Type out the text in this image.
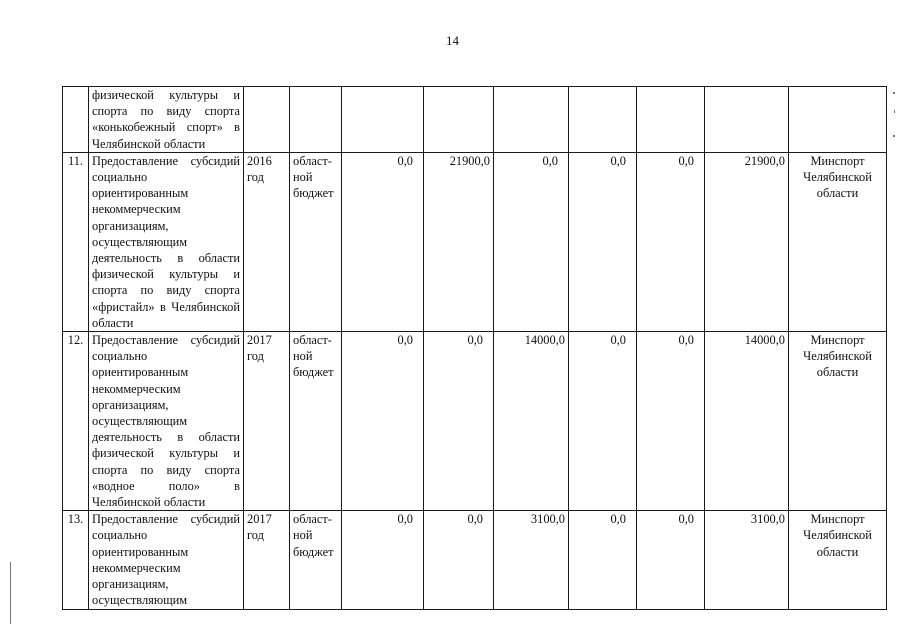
14
	физической культуры и спорта по виду спорта «конькобежный спорт» в Челябинской области									
11.	Предоставление субсидий социально ориентированным некоммерческим организациям, осуществляющим деятельность в области физической культуры и спорта по виду спорта «фристайл» в Челябинской области	2016 год	област-ной бюджет	0,0	21900,0	0,0	0,0	0,0	21900,0	Минспорт Челябинской области
12.	Предоставление субсидий социально ориентированным некоммерческим организациям, осуществляющим деятельность в области физической культуры и спорта по виду спорта «водное поло» в Челябинской области	2017 год	област-ной бюджет	0,0	0,0	14000,0	0,0	0,0	14000,0	Минспорт Челябинской области
13.	Предоставление субсидий социально ориентированным некоммерческим организациям, осуществляющим	2017 год	област-ной бюджет	0,0	0,0	3100,0	0,0	0,0	3100,0	Минспорт Челябинской области
